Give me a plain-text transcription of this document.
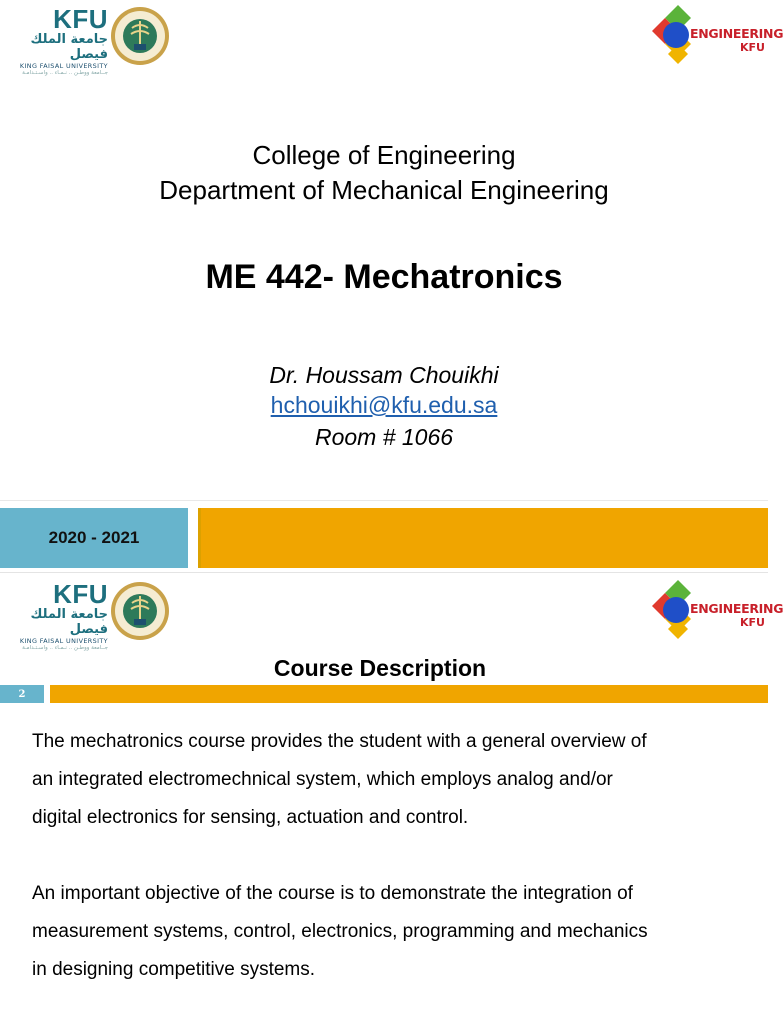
KFU
جامعة الملك فيصل
KING FAISAL UNIVERSITY
جــامعة ووطـن .. نـمـاء .. واسـتـدامـة
ENGINEERING
KFU
College of Engineering
Department of Mechanical Engineering
ME 442- Mechatronics
Dr. Houssam Chouikhi
hchouikhi@kfu.edu.sa
Room # 1066
2020 - 2021
KFU
جامعة الملك فيصل
KING FAISAL UNIVERSITY
جــامعة ووطـن .. نـمـاء .. واسـتـدامـة
ENGINEERING
KFU
Course Description
2
The mechatronics course provides the student with a general overview of
an integrated electromechnical system, which employs analog and/or
digital electronics for sensing, actuation and control.
An important objective of the course is to demonstrate the integration of
measurement systems, control, electronics, programming and mechanics
in designing competitive systems.
